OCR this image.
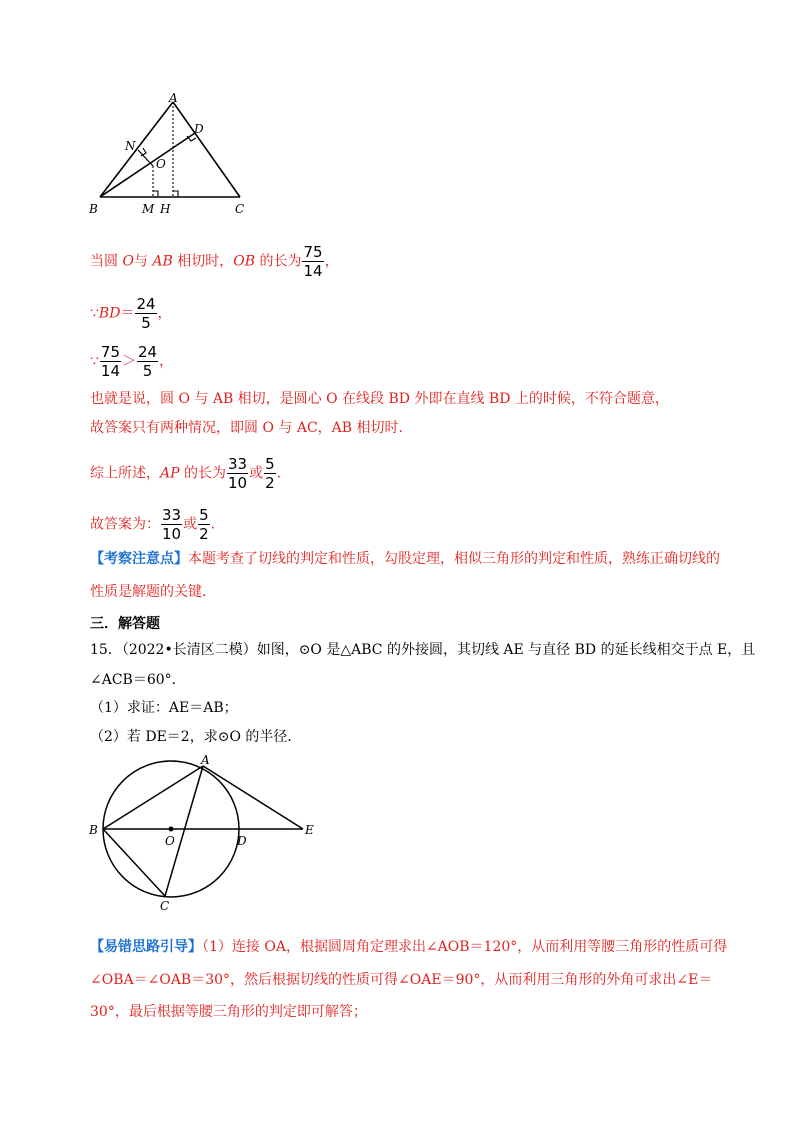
A
D
N
O
B	M H	C
当圆 O与 AB 相切时，OB 的长为 $\frac{75}{14}$ ，
∵BD＝ $\frac{24}{5}$ ，
∵ $\frac{75}{14} > \frac{24}{5}$ ，
也就是说，圆 O 与 AB 相切，是圆心 O 在线段 BD 外即在直线 BD 上的时候，不符合题意，
故答案只有两种情况，即圆 O 与 AC，AB 相切时．
综上所述，AP 的长为 $\frac{33}{10}$ 或 $\frac{5}{2}$ ．
故答案为： $\frac{33}{10}$ 或 $\frac{5}{2}$ ．
【考察注意点】本题考查了切线的判定和性质，勾股定理，相似三角形的判定和性质，熟练正确切线的
性质是解题的关键．
三．解答题
15．（2022•长清区二模）如图，⊙O 是△ABC 的外接圆，其切线 AE 与直径 BD 的延长线相交于点 E，且
∠ACB＝60°．
（1）求证：AE＝AB；
（2）若 DE＝2，求⊙O 的半径．
A
B
O	D
E
C
【易错思路引导】（1）连接 OA，根据圆周角定理求出∠AOB＝120°，从而利用等腰三角形的性质可得
∠OBA＝∠OAB＝30°，然后根据切线的性质可得∠OAE＝90°，从而利用三角形的外角可求出∠E＝
30°，最后根据等腰三角形的判定即可解答；
